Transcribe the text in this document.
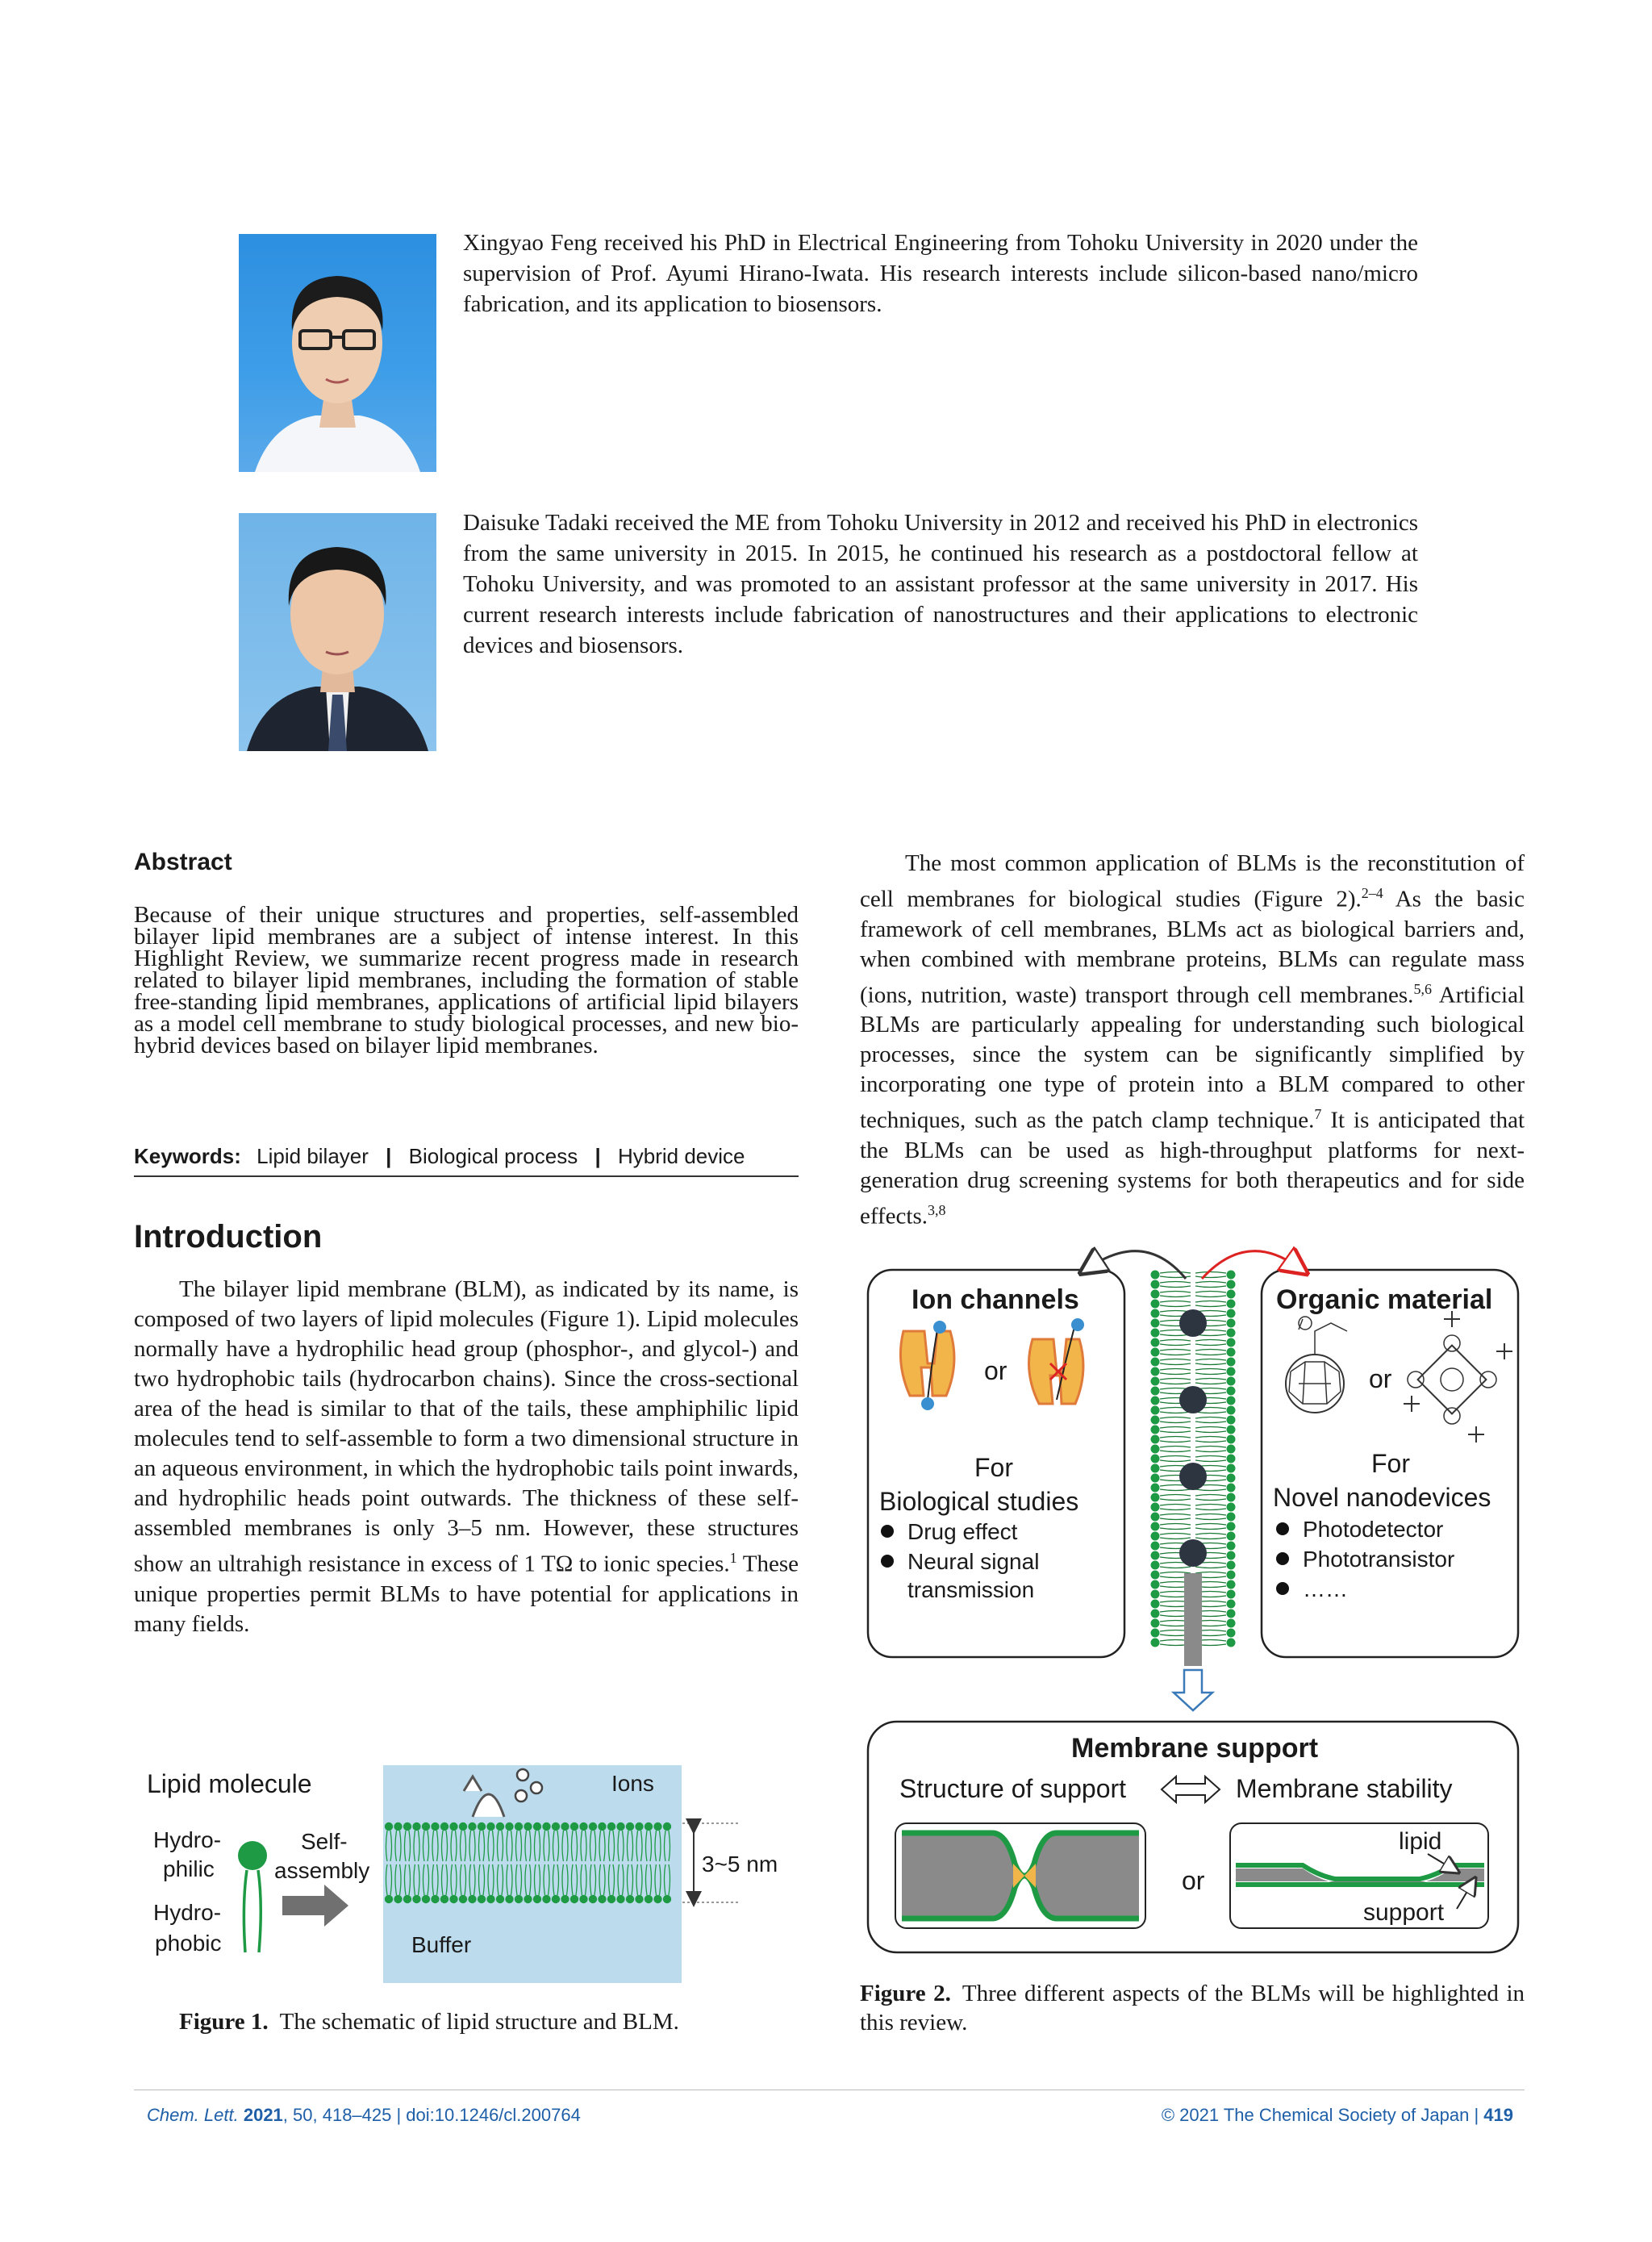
Xingyao Feng received his PhD in Electrical Engineering from Tohoku University in 2020 under the supervision of Prof. Ayumi Hirano-Iwata. His research interests include silicon-based nano/micro fabrication, and its application to biosensors.
Daisuke Tadaki received the ME from Tohoku University in 2012 and received his PhD in electronics from the same university in 2015. In 2015, he continued his research as a postdoctoral fellow at Tohoku University, and was promoted to an assistant professor at the same university in 2017. His current research interests include fabrication of nanostructures and their applications to electronic devices and biosensors.
Abstract
Because of their unique structures and properties, self-assembled bilayer lipid membranes are a subject of intense interest. In this Highlight Review, we summarize recent progress made in research related to bilayer lipid membranes, including the formation of stable free-standing lipid membranes, applications of artificial lipid bilayers as a model cell membrane to study biological processes, and new bio-hybrid devices based on bilayer lipid membranes.
Keywords: Lipid bilayer | Biological process | Hybrid device
Introduction

The bilayer lipid membrane (BLM), as indicated by its name, is composed of two layers of lipid molecules (Figure 1). Lipid molecules normally have a hydrophilic head group (phosphor-, and glycol-) and two hydrophobic tails (hydrocarbon chains). Since the cross-sectional area of the head is similar to that of the tails, these amphiphilic lipid molecules tend to self-assemble to form a two dimensional structure in an aqueous environment, in which the hydrophobic tails point inwards, and hydrophilic heads point outwards. The thickness of these self-assembled membranes is only 3–5 nm. However, these structures show an ultrahigh resistance in excess of 1 TΩ to ionic species.$^1$ These unique properties permit BLMs to have potential for applications in many fields.

The most common application of BLMs is the reconstitution of cell membranes for biological studies (Figure 2).$^{2-4}$ As the basic framework of cell membranes, BLMs act as biological barriers and, when combined with membrane proteins, BLMs can regulate mass (ions, nutrition, waste) transport through cell membranes.$^{5,6}$ Artificial BLMs are particularly appealing for understanding such biological processes, since the system can be significantly simplified by incorporating one type of protein into a BLM compared to other techniques, such as the patch clamp technique.$^7$ It is anticipated that the BLMs can be used as high-throughput platforms for next-generation drug screening systems for both therapeutics and for side effects.$^{3,8}$

Lipid molecule
Hydro-
philic
Hydro-
phobic
Self-
assembly
Ions
3~5 nm
Buffer
Figure 1. The schematic of lipid structure and BLM.
Ion channels
or
For
Biological studies
Drug effect
Neural signal
transmission
Organic material
or
For
Novel nanodevices
Photodetector
Phototransistor
……
Membrane support
Structure of support	Membrane stability
or
lipid
support
Figure 2. Three different aspects of the BLMs will be highlighted in this review.
Chem. Lett. 2021, 50, 418–425 | doi:10.1246/cl.200764	© 2021 The Chemical Society of Japan | 419
